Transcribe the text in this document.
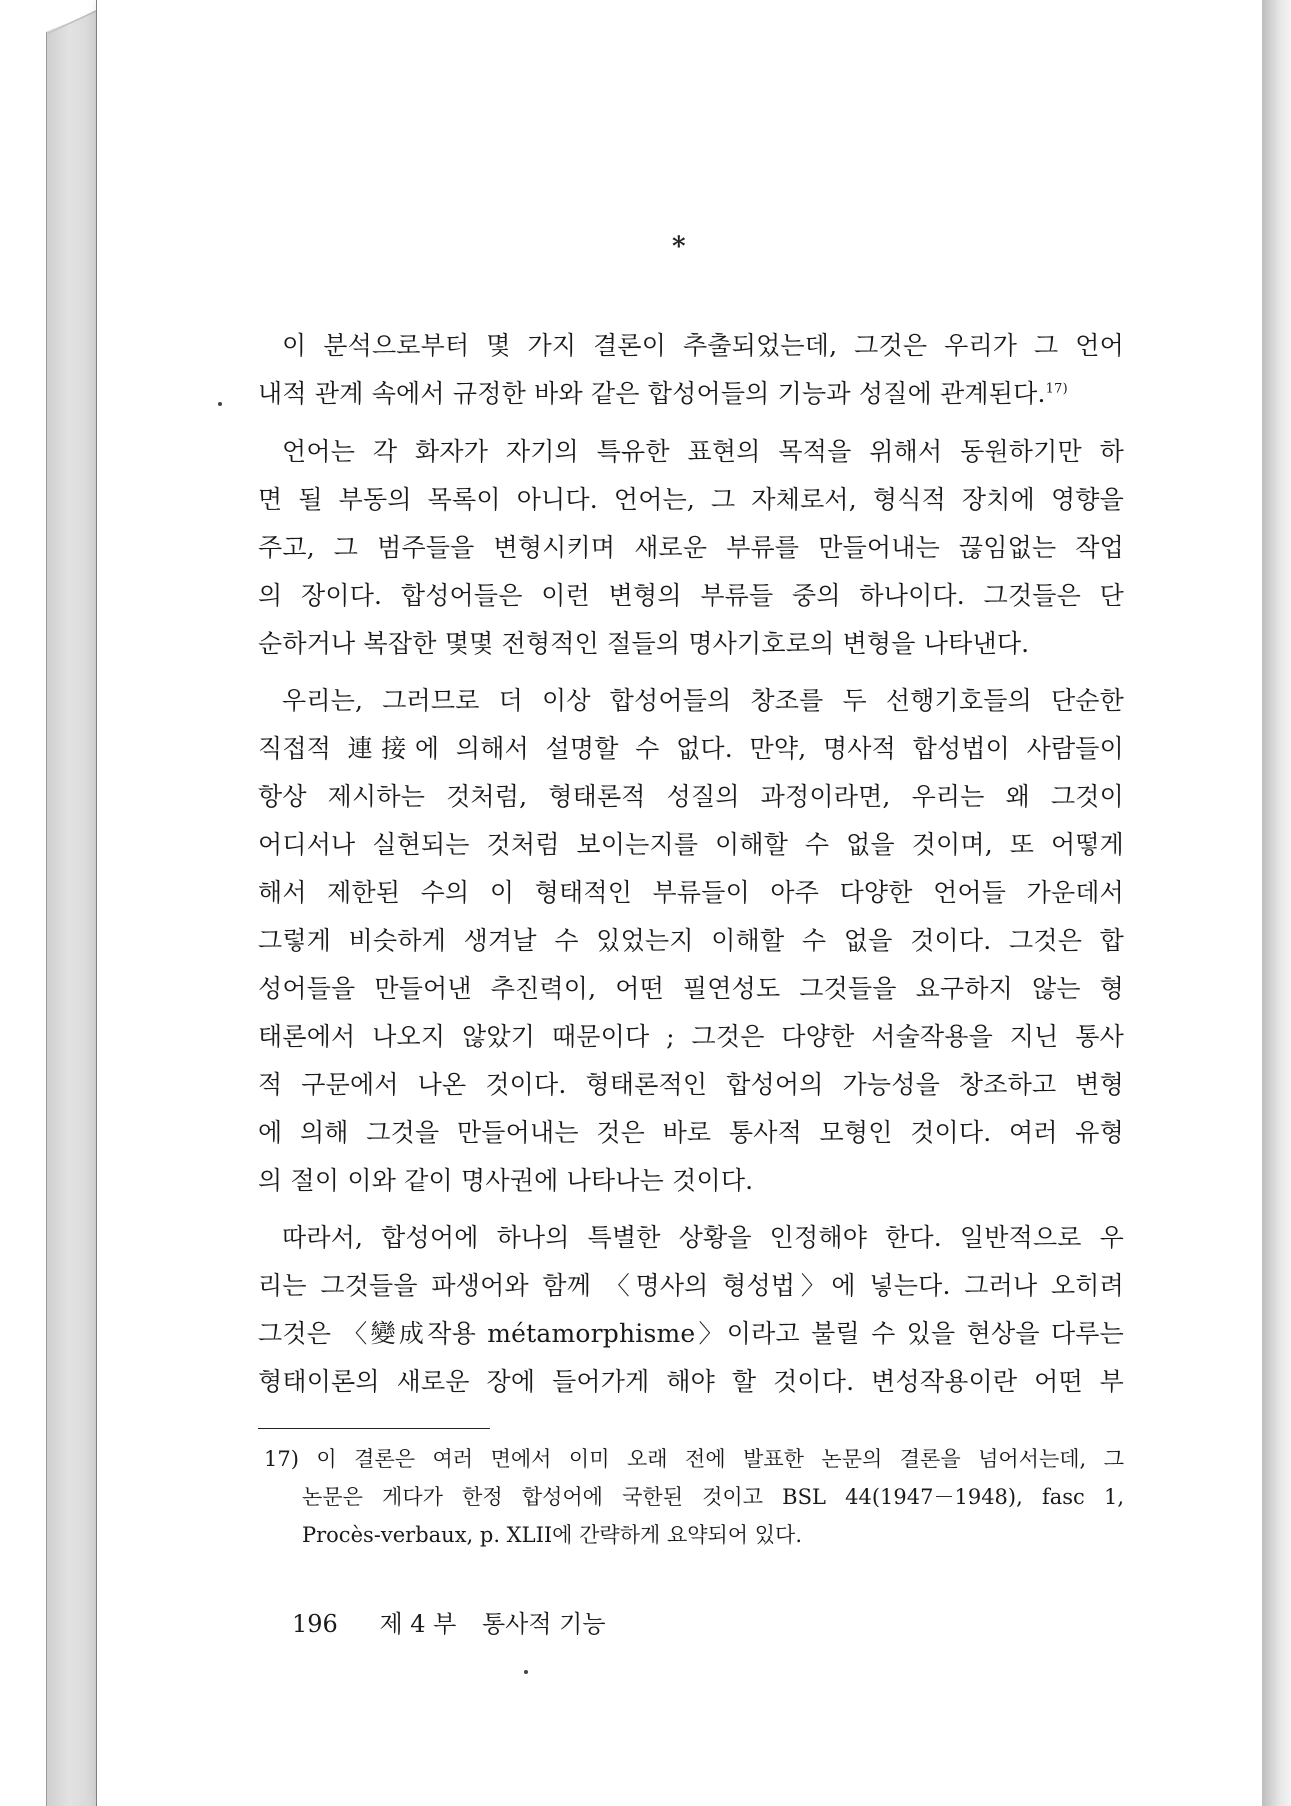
*
이 분석으로부터 몇 가지 결론이 추출되었는데, 그것은 우리가 그 언어
내적 관계 속에서 규정한 바와 같은 합성어들의 기능과 성질에 관계된다.$^{17)}$
언어는 각 화자가 자기의 특유한 표현의 목적을 위해서 동원하기만 하
면 될 부동의 목록이 아니다. 언어는, 그 자체로서, 형식적 장치에 영향을
주고, 그 범주들을 변형시키며 새로운 부류를 만들어내는 끊임없는 작업
의 장이다. 합성어들은 이런 변형의 부류들 중의 하나이다. 그것들은 단
순하거나 복잡한 몇몇 전형적인 절들의 명사기호로의 변형을 나타낸다.
우리는, 그러므로 더 이상 합성어들의 창조를 두 선행기호들의 단순한
직접적 連接에 의해서 설명할 수 없다. 만약, 명사적 합성법이 사람들이
항상 제시하는 것처럼, 형태론적 성질의 과정이라면, 우리는 왜 그것이
어디서나 실현되는 것처럼 보이는지를 이해할 수 없을 것이며, 또 어떻게
해서 제한된 수의 이 형태적인 부류들이 아주 다양한 언어들 가운데서
그렇게 비슷하게 생겨날 수 있었는지 이해할 수 없을 것이다. 그것은 합
성어들을 만들어낸 추진력이, 어떤 필연성도 그것들을 요구하지 않는 형
태론에서 나오지 않았기 때문이다 ; 그것은 다양한 서술작용을 지닌 통사
적 구문에서 나온 것이다. 형태론적인 합성어의 가능성을 창조하고 변형
에 의해 그것을 만들어내는 것은 바로 통사적 모형인 것이다. 여러 유형
의 절이 이와 같이 명사권에 나타나는 것이다.
따라서, 합성어에 하나의 특별한 상황을 인정해야 한다. 일반적으로 우
리는 그것들을 파생어와 함께 〈명사의 형성법〉에 넣는다. 그러나 오히려
그것은 〈變成작용 métamorphisme〉이라고 불릴 수 있을 현상을 다루는
형태이론의 새로운 장에 들어가게 해야 할 것이다. 변성작용이란 어떤 부
17) 이 결론은 여러 면에서 이미 오래 전에 발표한 논문의 결론을 넘어서는데, 그
논문은 게다가 한정 합성어에 국한된 것이고 BSL 44(1947－1948), fasc 1,
Procès-verbaux, p. XLII에 간략하게 요약되어 있다.
196 제 4 부 통사적 기능
